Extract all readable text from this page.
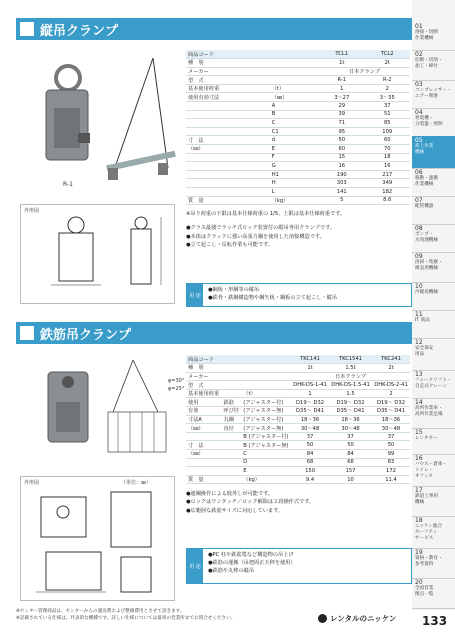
縦吊クランプ
R-1
外形図
商品コード		TCL1	TCL2
種　別		1t	2t
メーカー		日本クランプ	
型　式		R-1	R-2
基本使用荷重	（t）	1	2
使用有効寸法	（㎜）	3〜27	3〜35
	A	29	37
	B	39	51
	C	71	85
	C1	95	109
寸　法	d	50	60
（㎜）	E	60	70
	F	15	18
	G	16	16
	H1	190	217
	H	303	349
	L	141	182
質　量	（kg）	5	8.6
※吊り荷重の下限は基本仕様荷重の 1/5、上限は基本仕様荷重です。
●クラス最強でラッチ式ロック装置付の縦吊専用クランプです。
●本体はクラックに強い高張力鋼を使用した溶接構造です。
●立て起こし・反転作業も可能です。
用 途
●鋼板・形鋼等の縦吊
●鉄骨・鉄鋼構造物や鋼矢板・鋼板の立て起こし・縦吊
鉄筋吊クランプ
φ=30°
φ=25°
外形図	（単位：㎜）
商品コード			TKC141	TKC1541	TKC241
種　別			1t	1.5t	2t
メーカー			日本クランプ		
型　式			DHK-DS-1-41	DHK-DS-1.5-41	DHK-DS-2-41
基本使用荷重		（t）	1	1.5	2
使用	鉄筋	(アジャスター付)	D19〜 D32	D19〜 D32	D19〜 D32
有効	呼び径	(アジャスター無)	D35〜 D41	D35〜 D41	D35〜 D41
寸法A	丸鋼	(アジャスター付)	18〜36	18〜36	18〜36
（㎜）	直径	(アジャスター無)	30〜48	30〜48	30〜48
		B (アジャスター付)	37	37	37
寸　法		B (アジャスター無)	50	50	50
（㎜）		C	84	84	99
		D	68	68	83
		E	150	157	172
質　量		（kg）	9.4	10	11.4
●連鋼操作による肢外しが可能です。
●ロックはワンタッチ／ロック解除は２段操作式です。
●広範囲な鉄筋サイズに対応しています。
用 途
●PC 柱や鉄筋篭など構造物の吊上げ
●鉄筋の運搬（吊把両正天秤を使用）
●鉄筋や丸棒の縦吊
※センター管理商品は、センターからの運送費および整備費用とさせて頂きます。
※記載されている仕様は、代表的な機種です。詳しい仕様については最寄の営業所までお問合せください。	レンタルのニッケン 133
01
溶接・切断
作業機械
02
切断・切削・
加工・締付
03
コンプレッサー・
エアー関連
04
発電機・
分電盤・照明
05
荷上作業
機械
06
移動・運搬
作業機械
07
配管機器
08
ポンプ・
水処理機械
09
清掃・集塵・
換気用機械
10
冷暖房機械
11
IT 商品
12
安全保安
用品
13
フォークリフト・
自走式クレーン
14
高所作業車・
高所作業足場
15
レンタカー
16
ハウス・倉庫・
トイレ・
オフィス
17
鉄道工事用
機械
18
ニッケン総合
セーフティ
サービス
19
資格・教育・
参考資料
20
全国営業
拠点一覧
